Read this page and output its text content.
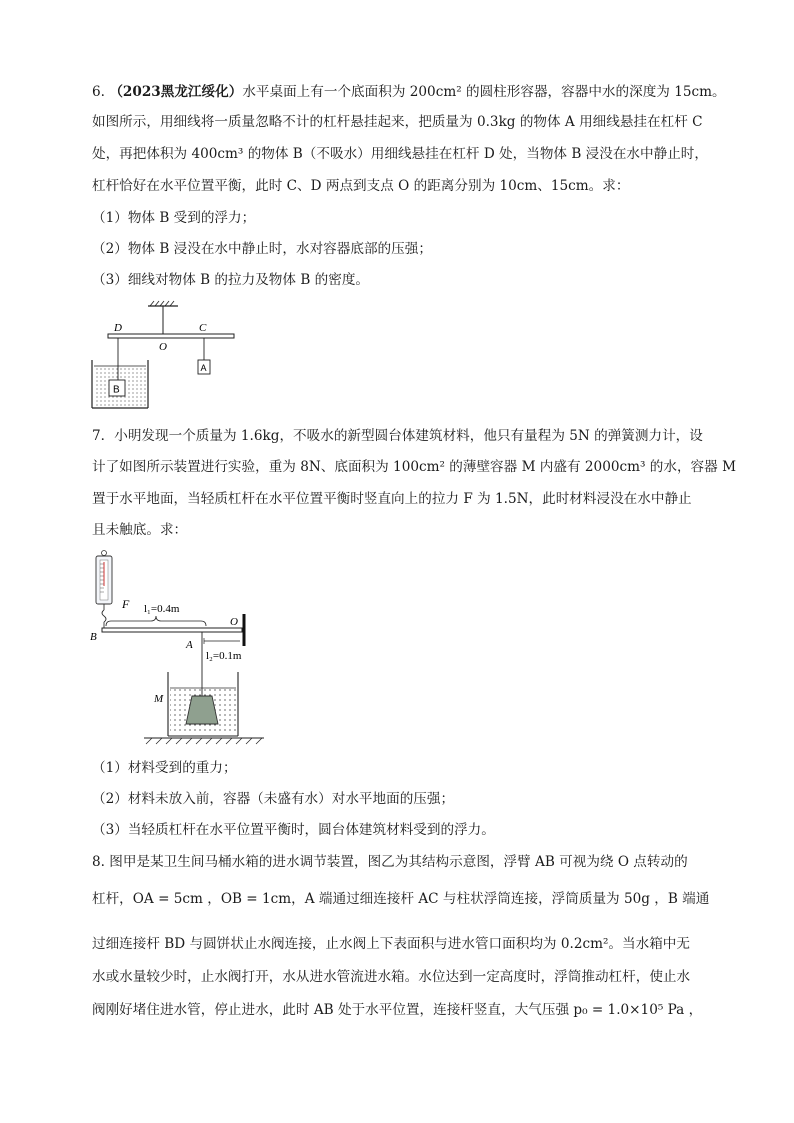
6. （2023黑龙江绥化）水平桌面上有一个底面积为 200cm² 的圆柱形容器，容器中水的深度为 15cm。
如图所示，用细线将一质量忽略不计的杠杆悬挂起来，把质量为 0.3kg 的物体 A 用细线悬挂在杠杆 C
处，再把体积为 400cm³ 的物体 B（不吸水）用细线悬挂在杠杆 D 处，当物体 B 浸没在水中静止时，
杠杆恰好在水平位置平衡，此时 C、D 两点到支点 O 的距离分别为 10cm、15cm。求：
（1）物体 B 受到的浮力；
（2）物体 B 浸没在水中静止时，水对容器底部的压强；
（3）细线对物体 B 的拉力及物体 B 的密度。
D	C
O
A
B
7．小明发现一个质量为 1.6kg，不吸水的新型圆台体建筑材料，他只有量程为 5N 的弹簧测力计，设
计了如图所示装置进行实验，重为 8N、底面积为 100cm² 的薄壁容器 M 内盛有 2000cm³ 的水，容器 M
置于水平地面，当轻质杠杆在水平位置平衡时竖直向上的拉力 F 为 1.5N，此时材料浸没在水中静止
且未触底。求：
F l₁=0.4m
B
O
A
l₂=0.1m
M
（1）材料受到的重力；
（2）材料未放入前，容器（未盛有水）对水平地面的压强；
（3）当轻质杠杆在水平位置平衡时，圆台体建筑材料受到的浮力。
8. 图甲是某卫生间马桶水箱的进水调节装置，图乙为其结构示意图，浮臂 AB 可视为绕 O 点转动的
杠杆，OA = 5cm ，OB = 1cm，A 端通过细连接杆 AC 与柱状浮筒连接，浮筒质量为 50g ，B 端通
过细连接杆 BD 与圆饼状止水阀连接，止水阀上下表面积与进水管口面积均为 0.2cm²。当水箱中无
水或水量较少时，止水阀打开，水从进水管流进水箱。水位达到一定高度时，浮筒推动杠杆，使止水
阀刚好堵住进水管，停止进水，此时 AB 处于水平位置，连接杆竖直，大气压强 p₀ = 1.0×10⁵ Pa ，
